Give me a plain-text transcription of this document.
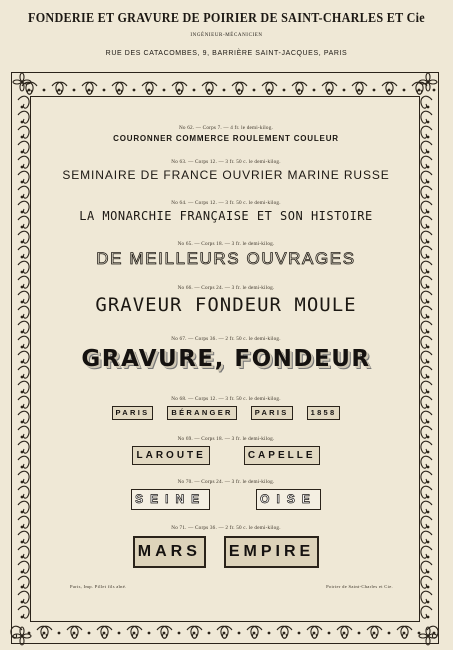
FONDERIE ET GRAVURE DE POIRIER DE SAINT-CHARLES ET Cie
INGÉNIEUR-MÉCANICIEN
RUE DES CATACOMBES, 9, BARRIÈRE SAINT-JACQUES, PARIS
No 62. — Corps 7. — 4 fr. le demi-kilog.
COURONNER COMMERCE ROULEMENT COULEUR
No 63. — Corps 12. — 3 fr. 50 c. le demi-kilog.
SEMINAIRE DE FRANCE OUVRIER MARINE RUSSE
No 64. — Corps 12. — 3 fr. 50 c. le demi-kilog.
LA MONARCHIE FRANÇAISE ET SON HISTOIRE
No 65. — Corps 18. — 3 fr. le demi-kilog.
DE MEILLEURS OUVRAGES
No 66. — Corps 24. — 3 fr. le demi-kilog.
GRAVEUR FONDEUR MOULE
No 67. — Corps 36. — 2 fr. 50 c. le demi-kilog.
GRAVURE, FONDEUR
No 68. — Corps 12. — 3 fr. 50 c. le demi-kilog.
PARIS	BÉRANGER	PARIS	1858
No 69. — Corps 18. — 3 fr. le demi-kilog.
LAROUTE	CAPELLE
No 70. — Corps 24. — 3 fr. le demi-kilog.
SEINE	OISE
No 71. — Corps 36. — 2 fr. 50 c. le demi-kilog.
MARS	EMPIRE
Paris, Imp. Pillet fils aîné.	Poirier de Saint-Charles et Cie.
